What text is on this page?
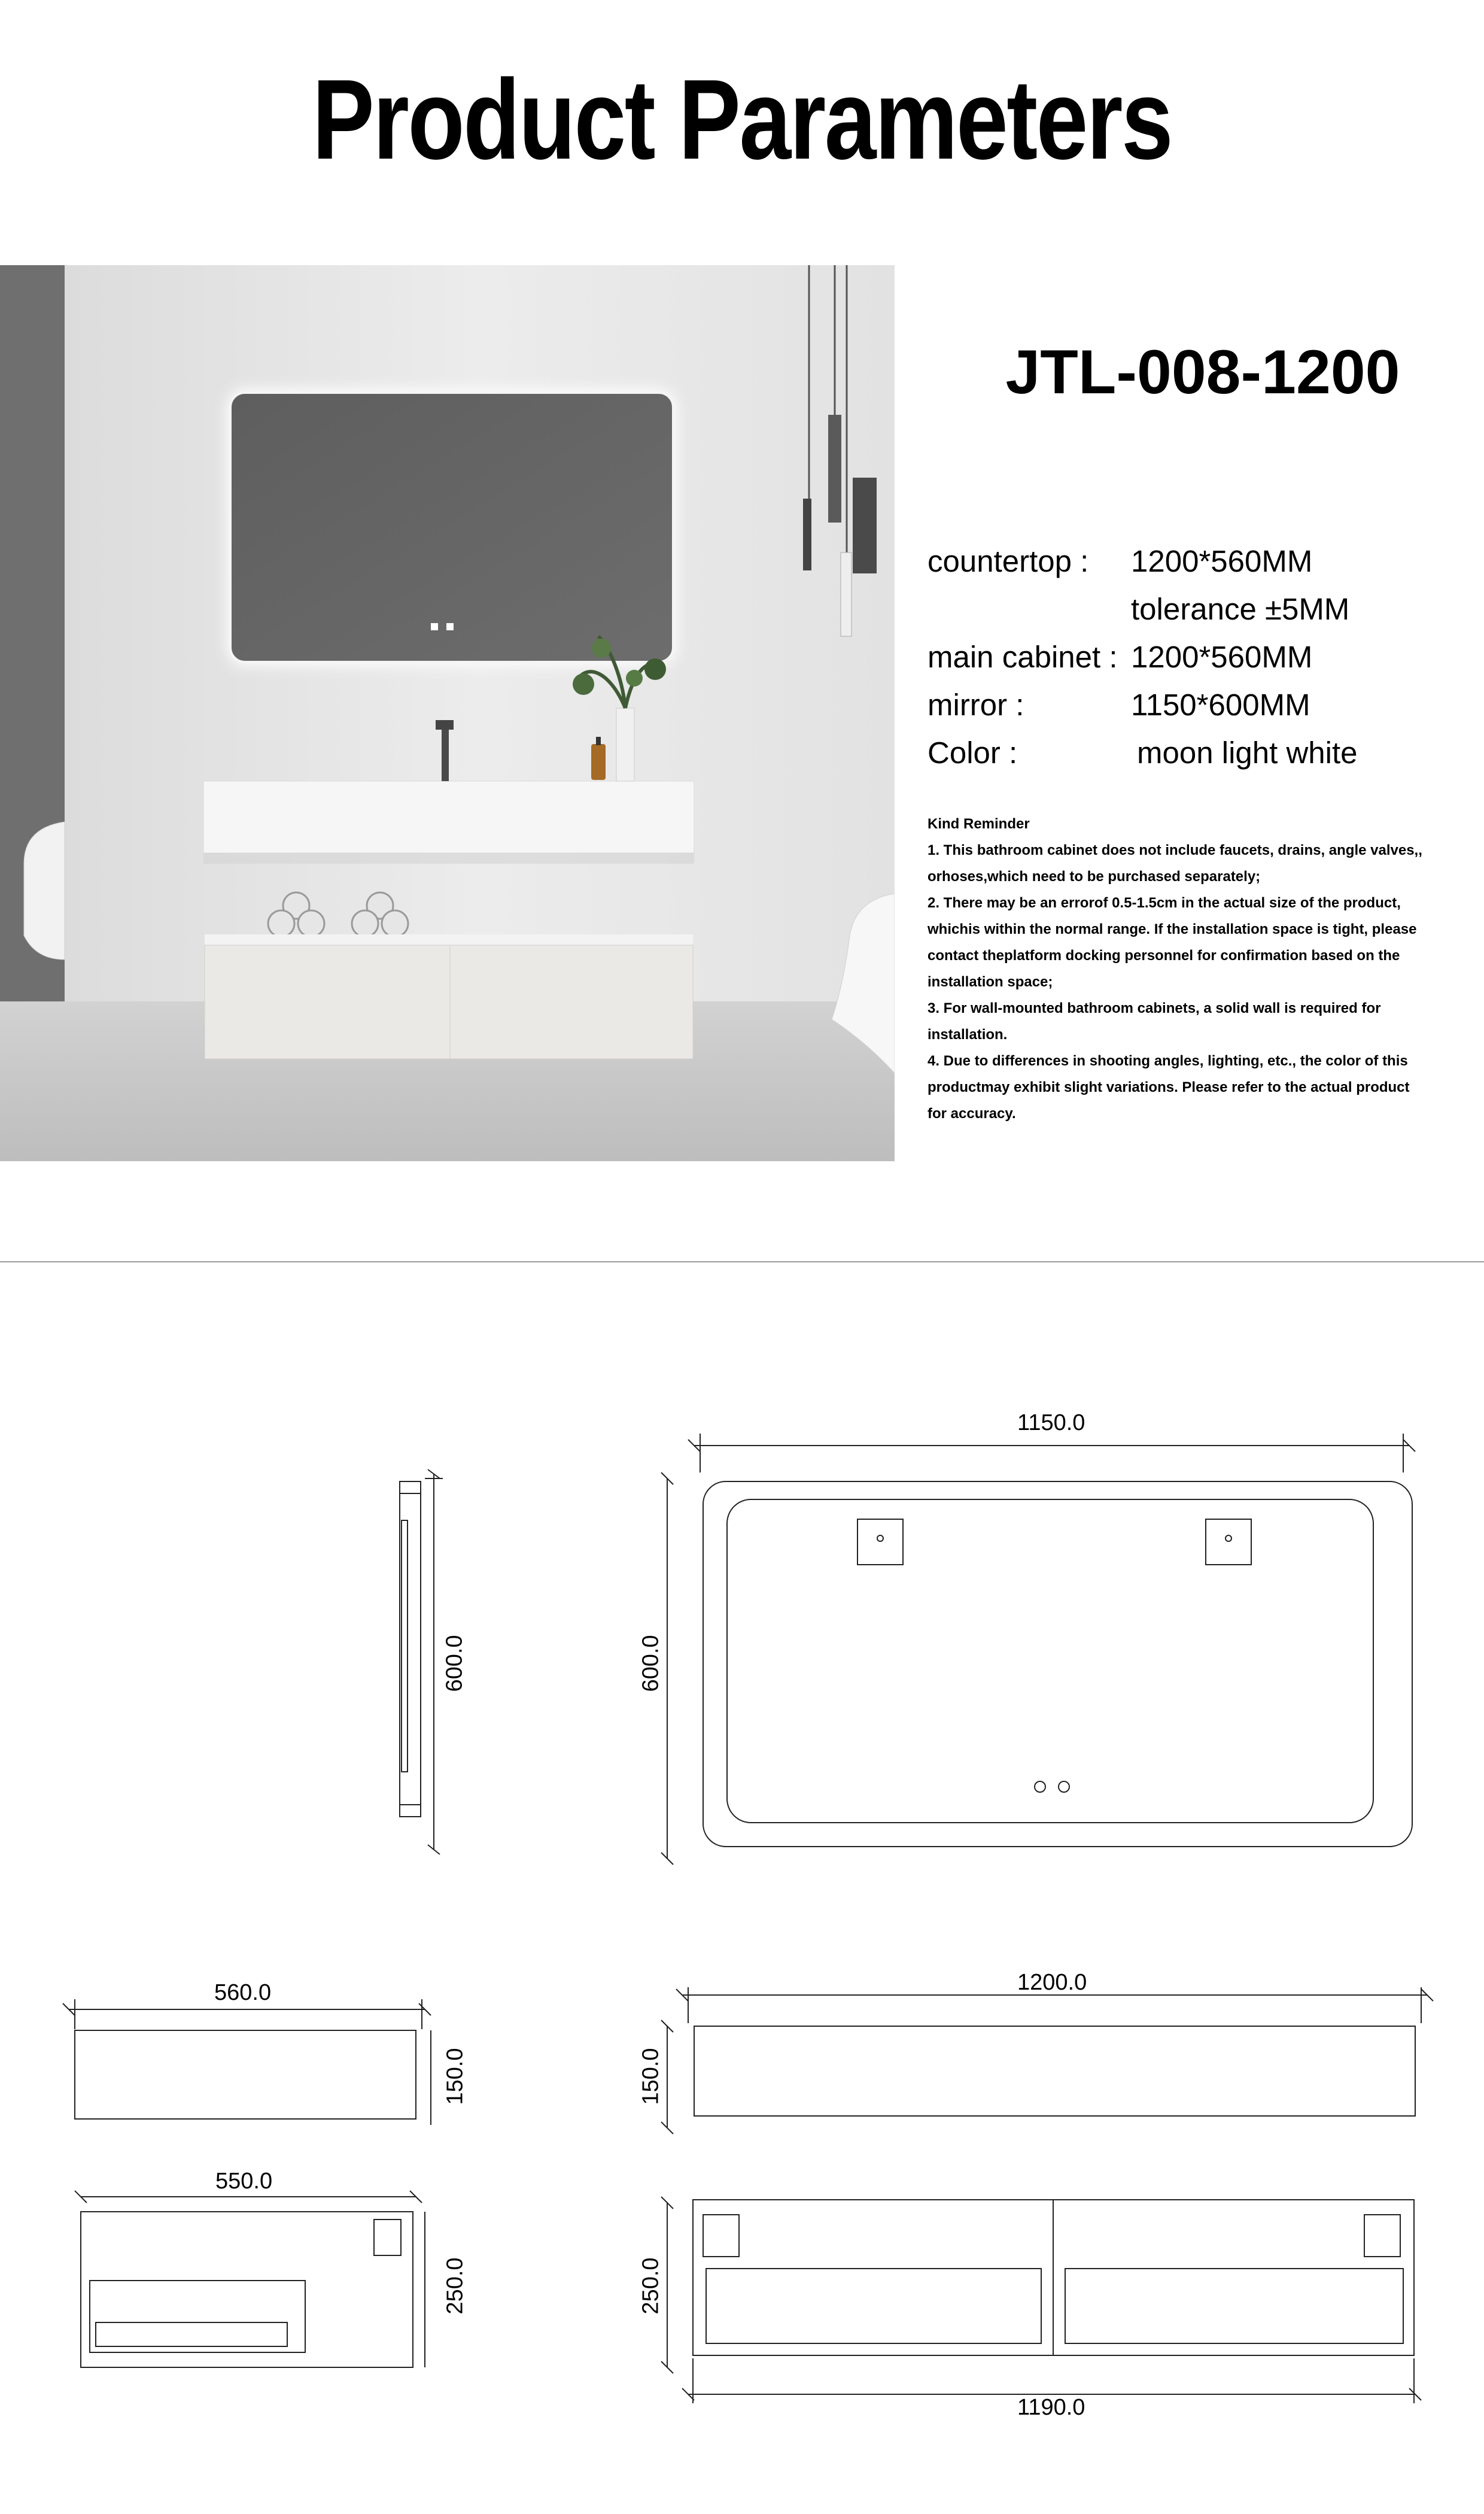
Product Parameters
JTL-008-1200
countertop : 1200*560MM
tolerance ±5MM
main cabinet : 1200*560MM
mirror :	1150*600MM
Color :	moon light white

Kind Reminder

1. This bathroom cabinet does not include faucets, drains, angle valves,,

orhoses,which need to be purchased separately;

2. There may be an errorof 0.5-1.5cm in the actual size of the product,

whichis within the normal range. If the installation space is tight, please

contact theplatform docking personnel for confirmation based on the

installation space;

3. For wall-mounted bathroom cabinets, a solid wall is required for

installation.

4. Due to differences in shooting angles, lighting, etc., the color of this

productmay exhibit slight variations. Please refer to the actual product

for accuracy.

1150.0
600.0
600.0
560.0
150.0
1200.0
150.0
550.0
250.0	250.0
1190.0
